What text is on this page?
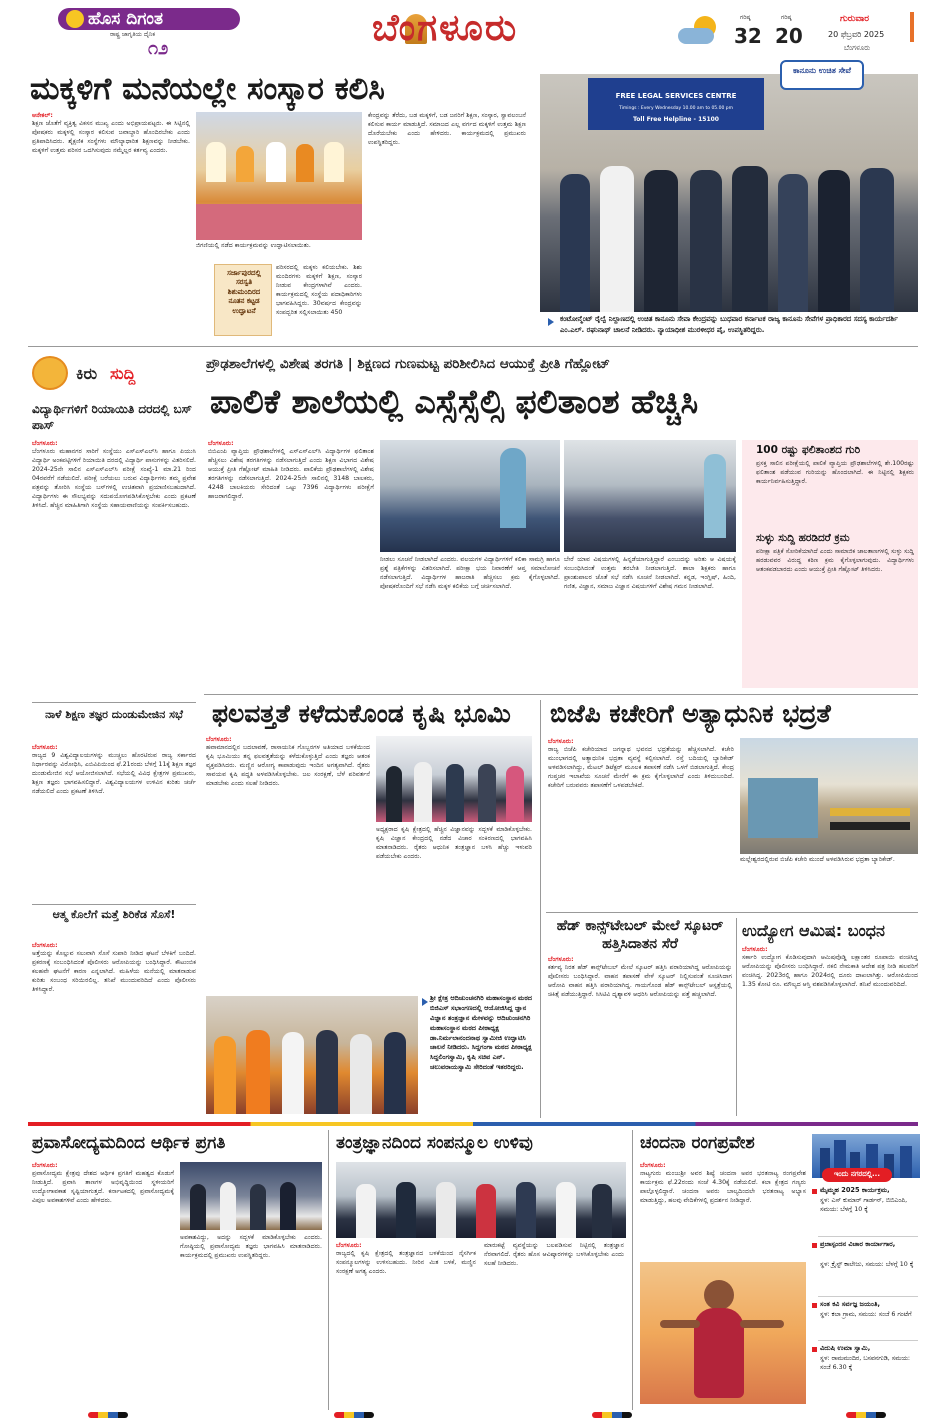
ಹೊಸ ದಿಗಂತ
ರಾಷ್ಟ್ರ ಜಾಗೃತಿಯ ದೈನಿಕ
೧೨	ಬೆಂಗಳೂರು	ಗರಿಷ್ಠ
32
ಗರಿಷ್ಠ
20
ಗುರುವಾರ
20 ಫೆಬ್ರವರಿ 2025
ಬೆಂಗಳೂರು
ಮಕ್ಕಳಿಗೆ ಮನೆಯಲ್ಲೇ ಸಂಸ್ಕಾರ ಕಲಿಸಿ
ಆನೇಕಲ್:
ಶಿಕ್ಷಣ ಜೊತೆಗೆ ವ್ಯಕ್ತಿತ್ವ ವಿಕಸನ ಮುಖ್ಯ ಎಂದು ಅಭಿಪ್ರಾಯಪಟ್ಟರು. ಈ ಸಿಟ್ಟಿನಲ್ಲಿ ಪೋಷಕರು ಮಕ್ಕಳಲ್ಲಿ ಸಂಸ್ಕಾರ ಕಲಿಸುವ ಜವಾಬ್ದಾರಿ ಹೊಂದಿರಬೇಕು ಎಂದು ಪ್ರತಿಪಾದಿಸಿದರು. ಶೈಕ್ಷಣಿಕ ಸಂಸ್ಥೆಗಳು ಮೌಲ್ಯಾಧಾರಿತ ಶಿಕ್ಷಣವನ್ನು ನೀಡಬೇಕು. ಮಕ್ಕಳಿಗೆ ಉತ್ತಮ ಪರಿಸರ ಒದಗಿಸುವುದು ನಮ್ಮೆಲ್ಲರ ಕರ್ತವ್ಯ ಎಂದರು.
ಜಿಗಣಿಯಲ್ಲಿ ನಡೆದ ಕಾರ್ಯಕ್ರಮವನ್ನು ಉದ್ಘಾಟಿಸಲಾಯಿತು.
ಸರ್ಜಾಪುರದಲ್ಲಿ ಸರಸ್ವತಿ ಶಿಶುಮಂದಿರದ ನೂತನ ಕಟ್ಟಡ ಉದ್ಘಾಟನೆ
ಪರಿಸರದಲ್ಲಿ ಮಕ್ಕಳು ಕಲಿಯಬೇಕು. ಶಿಶು ಮಂದಿರಗಳು ಮಕ್ಕಳಿಗೆ ಶಿಕ್ಷಣ, ಸಂಸ್ಕಾರ ನೀಡುವ ಕೇಂದ್ರಗಳಾಗಿವೆ ಎಂದರು. ಕಾರ್ಯಕ್ರಮದಲ್ಲಿ ಸಂಸ್ಥೆಯ ಪದಾಧಿಕಾರಿಗಳು ಭಾಗವಹಿಸಿದ್ದರು. 30ವರ್ಷದ ಕೇಂದ್ರವನ್ನು ಸಂಪದ್ಭರಿತ ಸಲ್ಲಿಸಲಾಯಿತು 450
ಕೇಂದ್ರವನ್ನು ತೆರೆದು, ಬಡ ಮಕ್ಕಳಿಗೆ, ಬಡ ಜನರಿಗೆ ಶಿಕ್ಷಣ, ಸಂಸ್ಕಾರ, ಸ್ವಾವಲಂಬನೆ ಕಲಿಸುವ ಕಾರ್ಯ ಮಾಡುತ್ತಿದೆ. ಸಮಾಜದ ಎಲ್ಲ ವರ್ಗದ ಮಕ್ಕಳಿಗೆ ಉತ್ತಮ ಶಿಕ್ಷಣ ದೊರೆಯಬೇಕು ಎಂದು ಹೇಳಿದರು. ಕಾರ್ಯಕ್ರಮದಲ್ಲಿ ಪ್ರಮುಖರು ಉಪಸ್ಥಿತರಿದ್ದರು.
FREE LEGAL SERVICES CENTRE
Timings : Every Wednesday 10.00 am to 05.00 pm
Toll Free Helpline - 15100
ಕಾನೂನು ಉಚಿತ ಸೇವೆ
ಕಂಟೋನ್ಮೆಂಟ್ ರೈಲ್ವೆ ನಿಲ್ದಾಣದಲ್ಲಿ ಉಚಿತ ಕಾನೂನು ಸೇವಾ ಕೇಂದ್ರವನ್ನು ಬುಧವಾರ ಕರ್ನಾಟಕ ರಾಜ್ಯ ಕಾನೂನು ಸೇವೆಗಳ ಪ್ರಾಧಿಕಾರದ ಸದಸ್ಯ ಕಾರ್ಯದರ್ಶಿ ಎಂ.ಎಲ್. ರಘುನಾಥ್ ಚಾಲನೆ ನೀಡಿದರು. ನ್ಯಾಯಾಧೀಶ ಮುರಳೀಧರ ಪೈ, ಉಪಸ್ಥಿತರಿದ್ದರು.
ಕಿರು ಸುದ್ದಿ
ವಿದ್ಯಾರ್ಥಿಗಳಿಗೆ ರಿಯಾಯಿತಿ ದರದಲ್ಲಿ ಬಸ್ ಪಾಸ್
ಬೆಂಗಳೂರು:
ಬೆಂಗಳೂರು ಮಹಾನಗರ ಸಾರಿಗೆ ಸಂಸ್ಥೆಯು ಎಸ್‌ಎಸ್‌ಎಲ್‌ಸಿ ಹಾಗೂ ಪಿಯುಸಿ ವಿದ್ಯಾರ್ಥಿ ಅಂಕಪಟ್ಟಿಗಳಿಗೆ ರಿಯಾಯಿತಿ ದರದಲ್ಲಿ ವಿದ್ಯಾರ್ಥಿ ಪಾಸುಗಳನ್ನು ವಿತರಿಸಲಿದೆ. 2024-25ನೇ ಸಾಲಿನ ಎಸ್‌ಎಸ್‌ಎಲ್‌ಸಿ ಪರೀಕ್ಷೆ ಸಂಖ್ಯೆ-1 ಮಾ.21 ರಿಂದ 04ರವರೆಗೆ ನಡೆಯಲಿದೆ. ಪರೀಕ್ಷೆ ಬರೆಯಲು ಬರುವ ವಿದ್ಯಾರ್ಥಿಗಳು ತಮ್ಮ ಪ್ರವೇಶ ಪತ್ರವನ್ನು ತೋರಿಸಿ ಸಂಸ್ಥೆಯ ಬಸ್‌ಗಳಲ್ಲಿ ಉಚಿತವಾಗಿ ಪ್ರಯಾಣಿಸಬಹುದಾಗಿದೆ. ವಿದ್ಯಾರ್ಥಿಗಳು ಈ ಸೌಲಭ್ಯವನ್ನು ಸದುಪಯೋಗಪಡಿಸಿಕೊಳ್ಳಬೇಕು ಎಂದು ಪ್ರಕಟಣೆ ತಿಳಿಸಿದೆ. ಹೆಚ್ಚಿನ ಮಾಹಿತಿಗಾಗಿ ಸಂಸ್ಥೆಯ ಸಹಾಯವಾಣಿಯನ್ನು ಸಂಪರ್ಕಿಸಬಹುದು.
ನಾಳೆ ಶಿಕ್ಷಣ ತಜ್ಞರ ದುಂಡುಮೇಜಿನ ಸಭೆ
ಬೆಂಗಳೂರು:
ರಾಜ್ಯದ 9 ವಿಶ್ವವಿದ್ಯಾಲಯಗಳನ್ನು ಮುಚ್ಚಲು ಹೊರಟಿರುವ ರಾಜ್ಯ ಸರ್ಕಾರದ ನಿರ್ಧಾರವನ್ನು ವಿರೋಧಿಸಿ, ಎಬಿವಿಪಿಯಿಂದ ಫೆ.21ರಂದು ಬೆಳಗ್ಗೆ 11ಕ್ಕೆ ಶಿಕ್ಷಣ ತಜ್ಞರ ದುಂಡುಮೇಜಿನ ಸಭೆ ಆಯೋಜಿಸಲಾಗಿದೆ. ಸಭೆಯಲ್ಲಿ ವಿವಿಧ ಕ್ಷೇತ್ರಗಳ ಪ್ರಮುಖರು, ಶಿಕ್ಷಣ ತಜ್ಞರು ಭಾಗವಹಿಸಲಿದ್ದಾರೆ. ವಿಶ್ವವಿದ್ಯಾಲಯಗಳ ಉಳಿವಿನ ಕುರಿತು ಚರ್ಚೆ ನಡೆಯಲಿದೆ ಎಂದು ಪ್ರಕಟಣೆ ತಿಳಿಸಿದೆ.
ಆತ್ಮ ಕೊಲೆಗೆ ಮತ್ತೆ ಶಿರಿಕೆಡ ಸೊಸೆ!
ಬೆಂಗಳೂರು:
ಅತ್ತೆಯನ್ನು ಕೊಲ್ಲುವ ಸಲುವಾಗಿ ಸೊಸೆ ಸುಪಾರಿ ನೀಡಿದ ಘಟನೆ ಬೆಳಕಿಗೆ ಬಂದಿದೆ. ಪ್ರಕರಣಕ್ಕೆ ಸಂಬಂಧಿಸಿದಂತೆ ಪೊಲೀಸರು ಆರೋಪಿಯನ್ನು ಬಂಧಿಸಿದ್ದಾರೆ. ಕೌಟುಂಬಿಕ ಕಲಹವೇ ಘಟನೆಗೆ ಕಾರಣ ಎನ್ನಲಾಗಿದೆ. ಮಹಿಳೆಯ ಮನೆಯಲ್ಲಿ ಮಾತನಾಡುವ ಕುರಿತು ಸಂಬಂಧ ಸರಿಯಿರಲಿಲ್ಲ. ತನಿಖೆ ಮುಂದುವರಿದಿದೆ ಎಂದು ಪೊಲೀಸರು ತಿಳಿಸಿದ್ದಾರೆ.
ಪ್ರೌಢಶಾಲೆಗಳಲ್ಲಿ ವಿಶೇಷ ತರಗತಿ | ಶಿಕ್ಷಣದ ಗುಣಮಟ್ಟ ಪರಿಶೀಲಿಸಿದ ಆಯುಕ್ತೆ ಪ್ರೀತಿ ಗೆಹ್ಲೋಟ್
ಪಾಲಿಕೆ ಶಾಲೆಯಲ್ಲಿ ಎಸ್ಸೆಸ್ಸೆಲ್ಸಿ ಫಲಿತಾಂಶ ಹೆಚ್ಚಿಸಿ
ಬೆಂಗಳೂರು:
ಬಿಬಿಎಂಪಿ ವ್ಯಾಪ್ತಿಯ ಪ್ರೌಢಶಾಲೆಗಳಲ್ಲಿ ಎಸ್‌ಎಸ್‌ಎಲ್‌ಸಿ ವಿದ್ಯಾರ್ಥಿಗಳ ಫಲಿತಾಂಶ ಹೆಚ್ಚಿಸಲು ವಿಶೇಷ ತರಗತಿಗಳನ್ನು ನಡೆಸಲಾಗುತ್ತಿದೆ ಎಂದು ಶಿಕ್ಷಣ ವಿಭಾಗದ ವಿಶೇಷ ಆಯುಕ್ತೆ ಪ್ರೀತಿ ಗೆಹ್ಲೋಟ್ ಮಾಹಿತಿ ನೀಡಿದರು. ಪಾಲಿಕೆಯ ಪ್ರೌಢಶಾಲೆಗಳಲ್ಲಿ ವಿಶೇಷ ತರಗತಿಗಳನ್ನು ನಡೆಸಲಾಗುತ್ತಿದೆ. 2024-25ನೇ ಸಾಲಿನಲ್ಲಿ 3148 ಬಾಲಕರು, 4248 ಬಾಲಕಿಯರು ಸೇರಿದಂತೆ ಒಟ್ಟು 7396 ವಿದ್ಯಾರ್ಥಿಗಳು ಪರೀಕ್ಷೆಗೆ ಹಾಜರಾಗಲಿದ್ದಾರೆ.
ನೀಡಲು ಸೂಚನೆ ನೀಡಲಾಗಿದೆ ಎಂದರು. ವಲಯಗಳ ವಿದ್ಯಾರ್ಥಿಗಳಿಗೆ ಕಲಿಕಾ ಸಾಮಗ್ರಿ ಹಾಗೂ ಪ್ರಶ್ನೆ ಪತ್ರಿಕೆಗಳನ್ನು ವಿತರಿಸಲಾಗಿದೆ. ಪರೀಕ್ಷಾ ಭಯ ನಿವಾರಣೆಗೆ ಆಪ್ತ ಸಮಾಲೋಚನೆ ನಡೆಸಲಾಗುತ್ತಿದೆ. ವಿದ್ಯಾರ್ಥಿಗಳ ಹಾಜರಾತಿ ಹೆಚ್ಚಿಸಲು ಕ್ರಮ ಕೈಗೊಳ್ಳಲಾಗಿದೆ. ಪೋಷಕರೊಂದಿಗೆ ಸಭೆ ನಡೆಸಿ ಮಕ್ಕಳ ಕಲಿಕೆಯ ಬಗ್ಗೆ ಚರ್ಚಿಸಲಾಗಿದೆ.
ಬೇರೆ ಯಾವ ವಿಷಯಗಳಲ್ಲಿ ಹಿನ್ನಡೆಯಾಗುತ್ತಿದ್ದಾರೆ ಎಂಬುದನ್ನು ಅರಿತು ಆ ವಿಷಯಕ್ಕೆ ಸಂಬಂಧಿಸಿದಂತೆ ಉತ್ತಮ ತರಬೇತಿ ನೀಡಲಾಗುತ್ತಿದೆ. ಶಾಲಾ ಶಿಕ್ಷಕರು ಹಾಗೂ ಪ್ರಾಂಶುಪಾಲರ ಜೊತೆ ಸಭೆ ನಡೆಸಿ ಸೂಚನೆ ನೀಡಲಾಗಿದೆ. ಕನ್ನಡ, ಇಂಗ್ಲಿಷ್, ಹಿಂದಿ, ಗಣಿತ, ವಿಜ್ಞಾನ, ಸಮಾಜ ವಿಜ್ಞಾನ ವಿಷಯಗಳಿಗೆ ವಿಶೇಷ ಗಮನ ನೀಡಲಾಗಿದೆ.
100 ರಷ್ಟು ಫಲಿತಾಂಶದ ಗುರಿ
ಪ್ರಸಕ್ತ ಸಾಲಿನ ಪರೀಕ್ಷೆಯಲ್ಲಿ ಪಾಲಿಕೆ ವ್ಯಾಪ್ತಿಯ ಪ್ರೌಢಶಾಲೆಗಳಲ್ಲಿ ಶೇ.100ರಷ್ಟು ಫಲಿತಾಂಶ ಪಡೆಯುವ ಗುರಿಯನ್ನು ಹೊಂದಲಾಗಿದೆ. ಈ ನಿಟ್ಟಿನಲ್ಲಿ ಶಿಕ್ಷಕರು ಕಾರ್ಯನಿರ್ವಹಿಸುತ್ತಿದ್ದಾರೆ.
ಸುಳ್ಳು ಸುದ್ದಿ ಹರಡಿದರೆ ಕ್ರಮ
ಪರೀಕ್ಷಾ ಪತ್ರಿಕೆ ಸೋರಿಕೆಯಾಗಿದೆ ಎಂದು ಸಾಮಾಜಿಕ ಜಾಲತಾಣಗಳಲ್ಲಿ ಸುಳ್ಳು ಸುದ್ದಿ ಹರಡುವವರ ವಿರುದ್ಧ ಕಠಿಣ ಕ್ರಮ ಕೈಗೊಳ್ಳಲಾಗುವುದು. ವಿದ್ಯಾರ್ಥಿಗಳು ಆತಂಕಪಡಬಾರದು ಎಂದು ಆಯುಕ್ತೆ ಪ್ರೀತಿ ಗೆಹ್ಲೋಟ್ ತಿಳಿಸಿದರು.
ಫಲವತ್ತತೆ ಕಳೆದುಕೊಂಡ ಕೃಷಿ ಭೂಮಿ
ಬೆಂಗಳೂರು:
ಹವಾಮಾನದಲ್ಲಿನ ಬದಲಾವಣೆ, ರಾಸಾಯನಿಕ ಗೊಬ್ಬರಗಳ ಅತಿಯಾದ ಬಳಕೆಯಿಂದ ಕೃಷಿ ಭೂಮಿಯು ತನ್ನ ಫಲವತ್ತತೆಯನ್ನು ಕಳೆದುಕೊಳ್ಳುತ್ತಿದೆ ಎಂದು ತಜ್ಞರು ಆತಂಕ ವ್ಯಕ್ತಪಡಿಸಿದರು. ಮಣ್ಣಿನ ಆರೋಗ್ಯ ಕಾಪಾಡುವುದು ಇಂದಿನ ಅಗತ್ಯವಾಗಿದೆ. ರೈತರು ಸಾವಯವ ಕೃಷಿ ಪದ್ಧತಿ ಅಳವಡಿಸಿಕೊಳ್ಳಬೇಕು. ಜಲ ಸಂರಕ್ಷಣೆ, ಬೆಳೆ ಪರಿವರ್ತನೆ ಮಾಡಬೇಕು ಎಂದು ಸಲಹೆ ನೀಡಿದರು.
ಅಧ್ಯಕ್ಷರಾದ ಕೃಷಿ ಕ್ಷೇತ್ರದಲ್ಲಿ ಹೆಚ್ಚಿನ ವಿಜ್ಞಾನವನ್ನು ಸದ್ಬಳಕೆ ಮಾಡಿಕೊಳ್ಳಬೇಕು. ಕೃಷಿ ವಿಜ್ಞಾನ ಕೇಂದ್ರದಲ್ಲಿ ನಡೆದ ವಿಚಾರ ಸಂಕಿರಣದಲ್ಲಿ ಭಾಗವಹಿಸಿ ಮಾತನಾಡಿದರು. ರೈತರು ಆಧುನಿಕ ತಂತ್ರಜ್ಞಾನ ಬಳಸಿ ಹೆಚ್ಚು ಇಳುವರಿ ಪಡೆಯಬೇಕು ಎಂದರು.
ಶ್ರೀ ಕ್ಷೇತ್ರ ಆದಿಚುಂಚನಗಿರಿ ಮಹಾಸಂಸ್ಥಾನ ಮಠದ ಬಿಜಿಎಸ್ ಸಭಾಂಗಣದಲ್ಲಿ ಆಯೋಜಿಸಿದ್ದ ಜ್ಞಾನ ವಿಜ್ಞಾನ ತಂತ್ರಜ್ಞಾನ ಮೇಳವನ್ನು ಆದಿಚುಂಚನಗಿರಿ ಮಹಾಸಂಸ್ಥಾನ ಮಠದ ಪೀಠಾಧ್ಯಕ್ಷ ಡಾ.ನಿರ್ಮಲಾನಂದನಾಥ ಸ್ವಾಮೀಜಿ ಉದ್ಘಾಟಿಸಿ ಚಾಲನೆ ನೀಡಿದರು. ಸಿದ್ದಗಂಗಾ ಮಠದ ಪೀಠಾಧ್ಯಕ್ಷ ಸಿದ್ದಲಿಂಗಸ್ವಾಮಿ, ಕೃಷಿ ಸಚಿವ ಎನ್. ಚಲುವರಾಯಸ್ವಾಮಿ ಸೇರಿದಂತೆ ಇತರರಿದ್ದರು.
ಬಿಜೆಪಿ ಕಚೇರಿಗೆ ಅತ್ಯಾಧುನಿಕ ಭದ್ರತೆ
ಬೆಂಗಳೂರು:
ರಾಜ್ಯ ಬಿಜೆಪಿ ಕಚೇರಿಯಾದ ಜಗನ್ನಾಥ ಭವನದ ಭದ್ರತೆಯನ್ನು ಹೆಚ್ಚಿಸಲಾಗಿದೆ. ಕಚೇರಿ ಮುಂಭಾಗದಲ್ಲಿ ಅತ್ಯಾಧುನಿಕ ಭದ್ರತಾ ವ್ಯವಸ್ಥೆ ಕಲ್ಪಿಸಲಾಗಿದೆ. ರಸ್ತೆ ಬದಿಯಲ್ಲಿ ಬ್ಯಾರಿಕೇಡ್ ಅಳವಡಿಸಲಾಗಿದ್ದು, ಮೆಟಲ್ ಡಿಟೆಕ್ಟರ್ ಮೂಲಕ ತಪಾಸಣೆ ನಡೆಸಿ ಒಳಗೆ ಬಿಡಲಾಗುತ್ತಿದೆ. ಕೇಂದ್ರ ಗುಪ್ತಚರ ಇಲಾಖೆಯ ಸೂಚನೆ ಮೇರೆಗೆ ಈ ಕ್ರಮ ಕೈಗೊಳ್ಳಲಾಗಿದೆ ಎಂದು ತಿಳಿದುಬಂದಿದೆ. ಕಚೇರಿಗೆ ಬರುವವರು ತಪಾಸಣೆಗೆ ಒಳಪಡಬೇಕಿದೆ.
ಮಲ್ಲೇಶ್ವರದಲ್ಲಿರುವ ಬಿಜೆಪಿ ಕಚೇರಿ ಮುಂದೆ ಅಳವಡಿಸಿರುವ ಭದ್ರತಾ ಬ್ಯಾರಿಕೇಡ್.
ಹೆಡ್ ಕಾನ್ಸ್‌ಟೇಬಲ್ ಮೇಲೆ ಸ್ಕೂಟರ್ ಹತ್ತಿಸಿದಾತನ ಸೆರೆ
ಬೆಂಗಳೂರು:
ಕರ್ತವ್ಯ ನಿರತ ಹೆಡ್ ಕಾನ್ಸ್‌ಟೇಬಲ್ ಮೇಲೆ ಸ್ಕೂಟರ್ ಹತ್ತಿಸಿ ಪರಾರಿಯಾಗಿದ್ದ ಆರೋಪಿಯನ್ನು ಪೊಲೀಸರು ಬಂಧಿಸಿದ್ದಾರೆ. ವಾಹನ ತಪಾಸಣೆ ವೇಳೆ ಸ್ಕೂಟರ್ ನಿಲ್ಲಿಸುವಂತೆ ಸೂಚಿಸಿದಾಗ ಆರೋಪಿ ವಾಹನ ಹತ್ತಿಸಿ ಪರಾರಿಯಾಗಿದ್ದ. ಗಾಯಗೊಂಡ ಹೆಡ್ ಕಾನ್ಸ್‌ಟೇಬಲ್ ಆಸ್ಪತ್ರೆಯಲ್ಲಿ ಚಿಕಿತ್ಸೆ ಪಡೆಯುತ್ತಿದ್ದಾರೆ. ಸಿಸಿಟಿವಿ ದೃಶ್ಯಾವಳಿ ಆಧರಿಸಿ ಆರೋಪಿಯನ್ನು ಪತ್ತೆ ಹಚ್ಚಲಾಗಿದೆ.
ಉದ್ಯೋಗ ಆಮಿಷ: ಬಂಧನ
ಬೆಂಗಳೂರು:
ಸರ್ಕಾರಿ ಉದ್ಯೋಗ ಕೊಡಿಸುವುದಾಗಿ ಆಮಿಷವೊಡ್ಡಿ ಲಕ್ಷಾಂತರ ರೂಪಾಯಿ ವಂಚಿಸಿದ್ದ ಆರೋಪಿಯನ್ನು ಪೊಲೀಸರು ಬಂಧಿಸಿದ್ದಾರೆ. ನಕಲಿ ನೇಮಕಾತಿ ಆದೇಶ ಪತ್ರ ನೀಡಿ ಹಲವರಿಗೆ ವಂಚಿಸಿದ್ದ. 2023ರಲ್ಲಿ ಹಾಗೂ 2024ರಲ್ಲಿ ದೂರು ದಾಖಲಾಗಿತ್ತು. ಆರೋಪಿಯಿಂದ 1.35 ಕೋಟಿ ರೂ. ಮೌಲ್ಯದ ಆಸ್ತಿ ವಶಪಡಿಸಿಕೊಳ್ಳಲಾಗಿದೆ. ತನಿಖೆ ಮುಂದುವರಿದಿದೆ.
ಪ್ರವಾಸೋದ್ಯಮದಿಂದ ಆರ್ಥಿಕ ಪ್ರಗತಿ
ಬೆಂಗಳೂರು:
ಪ್ರವಾಸೋದ್ಯಮ ಕ್ಷೇತ್ರವು ದೇಶದ ಆರ್ಥಿಕ ಪ್ರಗತಿಗೆ ಮಹತ್ವದ ಕೊಡುಗೆ ನೀಡುತ್ತಿದೆ. ಪ್ರವಾಸಿ ತಾಣಗಳ ಅಭಿವೃದ್ಧಿಯಿಂದ ಸ್ಥಳೀಯರಿಗೆ ಉದ್ಯೋಗಾವಕಾಶ ಸೃಷ್ಟಿಯಾಗುತ್ತದೆ. ಕರ್ನಾಟಕದಲ್ಲಿ ಪ್ರವಾಸೋದ್ಯಮಕ್ಕೆ ವಿಪುಲ ಅವಕಾಶಗಳಿವೆ ಎಂದು ಹೇಳಿದರು.
ಅವಕಾಶವಿದ್ದು, ಅದನ್ನು ಸದ್ಬಳಕೆ ಮಾಡಿಕೊಳ್ಳಬೇಕು ಎಂದರು. ಗೋಷ್ಠಿಯಲ್ಲಿ ಪ್ರವಾಸೋದ್ಯಮ ತಜ್ಞರು ಭಾಗವಹಿಸಿ ಮಾತನಾಡಿದರು. ಕಾರ್ಯಕ್ರಮದಲ್ಲಿ ಪ್ರಮುಖರು ಉಪಸ್ಥಿತರಿದ್ದರು.
ತಂತ್ರಜ್ಞಾನದಿಂದ ಸಂಪನ್ಮೂಲ ಉಳಿವು
ಬೆಂಗಳೂರು:
ರಾಜ್ಯದಲ್ಲಿ ಕೃಷಿ ಕ್ಷೇತ್ರದಲ್ಲಿ ತಂತ್ರಜ್ಞಾನದ ಬಳಕೆಯಿಂದ ನೈಸರ್ಗಿಕ ಸಂಪನ್ಮೂಲಗಳನ್ನು ಉಳಿಸಬಹುದು. ನೀರಿನ ಮಿತ ಬಳಕೆ, ಮಣ್ಣಿನ ಸಂರಕ್ಷಣೆ ಅಗತ್ಯ ಎಂದರು.
ಮಾರುಕಟ್ಟೆ ವ್ಯವಸ್ಥೆಯನ್ನು ಬಲಪಡಿಸುವ ನಿಟ್ಟಿನಲ್ಲಿ ತಂತ್ರಜ್ಞಾನ ನೆರವಾಗಲಿದೆ. ರೈತರು ಹೊಸ ಆವಿಷ್ಕಾರಗಳನ್ನು ಬಳಸಿಕೊಳ್ಳಬೇಕು ಎಂದು ಸಲಹೆ ನೀಡಿದರು.
ಚಂದನಾ ರಂಗಪ್ರವೇಶ
ಬೆಂಗಳೂರು:
ನಾಟ್ಯಗುರು ಮಂಜುಶ್ರೀ ಅವರ ಶಿಷ್ಯೆ ಚಂದನಾ ಅವರ ಭರತನಾಟ್ಯ ರಂಗಪ್ರವೇಶ ಕಾರ್ಯಕ್ರಮ ಫೆ.22ರಂದು ಸಂಜೆ 4.30ಕ್ಕೆ ನಡೆಯಲಿದೆ. ಕಲಾ ಕ್ಷೇತ್ರದ ಗಣ್ಯರು ಪಾಲ್ಗೊಳ್ಳಲಿದ್ದಾರೆ. ಚಂದನಾ ಅವರು ಬಾಲ್ಯದಿಂದಲೇ ಭರತನಾಟ್ಯ ಅಭ್ಯಾಸ ಮಾಡುತ್ತಿದ್ದು, ಹಲವು ವೇದಿಕೆಗಳಲ್ಲಿ ಪ್ರದರ್ಶನ ನೀಡಿದ್ದಾರೆ.
ಇಂದು ನಗರದಲ್ಲಿ...
ಮೈಮ್ಮಹ 2025 ಕಾರ್ಯಕ್ರಮ,
ಸ್ಥಳ: ಎಸ್ ಕುಮಾರ್ ಗಾರ್ಡನ್, ಬಿಬಿಎಂಪಿ, ಸಮಯ: ಬೆಳಗ್ಗೆ 10 ಕ್ಕೆ
ಪ್ರಜಾಸ್ಪಂದನ ವಿಚಾರ ಕಾರ್ಯಾಗಾರ,
ಸ್ಥಳ: ಕ್ರೈಸ್ಟ್ ಕಾಲೇಜು, ಸಮಯ: ಬೆಳಗ್ಗೆ 10 ಕ್ಕೆ
ಸಂತ ಕವಿ ಸರ್ವಜ್ಞ ಜಯಂತಿ,
ಸ್ಥಳ: ಕಲಾ ಗ್ರಾಮ, ಸಮಯ: ಸಂಜೆ 6 ಗಂಟೆಗೆ
ವಿದುಷಿ ಉಮಾ ಸ್ವಾಮಿ,
ಸ್ಥಳ: ರಾಮಮಂದಿರ, ಬಸವನಗುಡಿ, ಸಮಯ: ಸಂಜೆ 6.30 ಕ್ಕೆ
